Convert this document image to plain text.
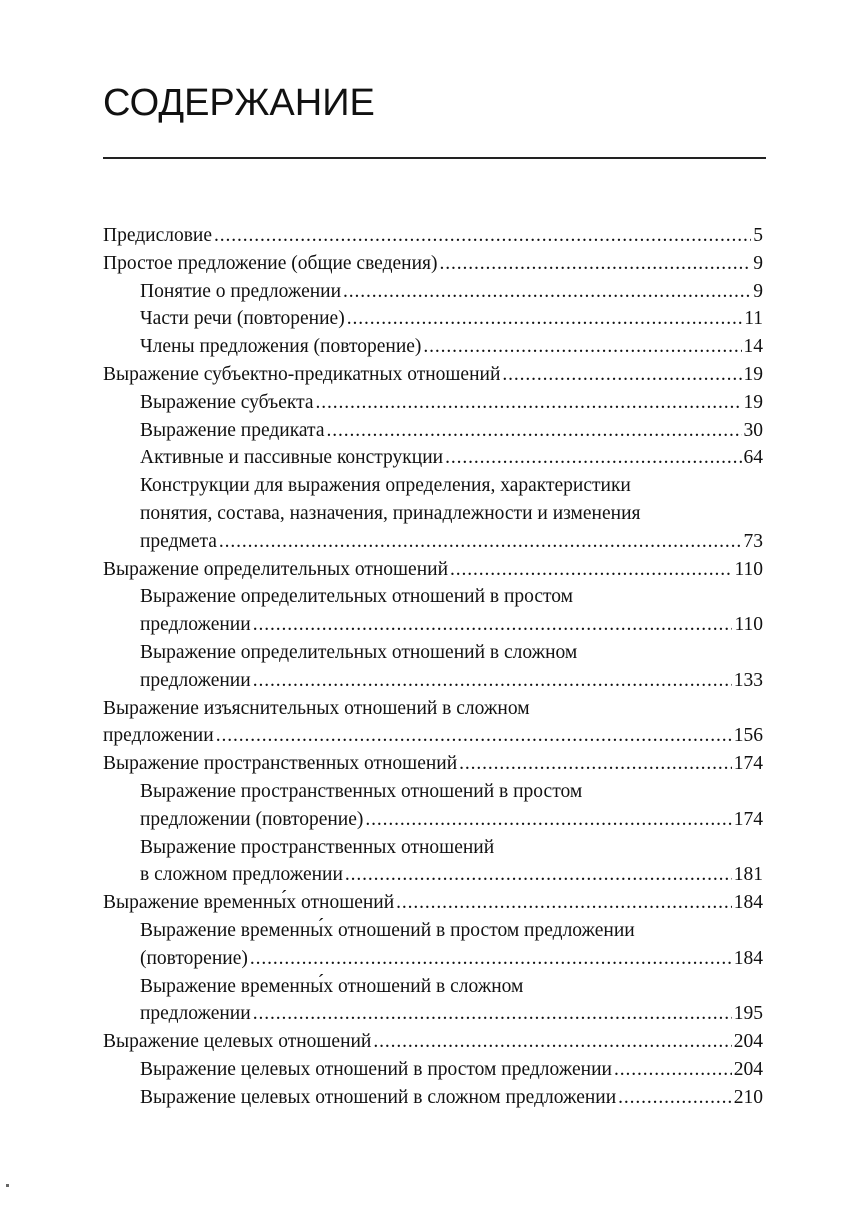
СОДЕРЖАНИЕ
Предисловие . . .	5
Простое предложение (общие сведения) . . .	9
Понятие о предложении . . .	9
Части речи (повторение) . . .	11
Члены предложения (повторение) . . .	14
Выражение субъектно-предикатных отношений . . .	19
Выражение субъекта . . .	19
Выражение предиката . . .	30
Активные и пассивные конструкции . . .	64
Конструкции для выражения определения, характеристики
понятия, состава, назначения, принадлежности и изменения
предмета . . .	73
Выражение определительных отношений . . .	110
Выражение определительных отношений в простом
предложении . . .	110
Выражение определительных отношений в сложном
предложении . . .	133
Выражение изъяснительных отношений в сложном
предложении . . .	156
Выражение пространственных отношений . . .	174
Выражение пространственных отношений в простом
предложении (повторение) . . .	174
Выражение пространственных отношений
в сложном предложении . . .	181
Выражение временны́х отношений . . .	184
Выражение временны́х отношений в простом предложении
(повторение) . . .	184
Выражение временны́х отношений в сложном
предложении . . .	195
Выражение целевых отношений . . .	204
Выражение целевых отношений в простом предложении . . .	204
Выражение целевых отношений в сложном предложении . . .	210
